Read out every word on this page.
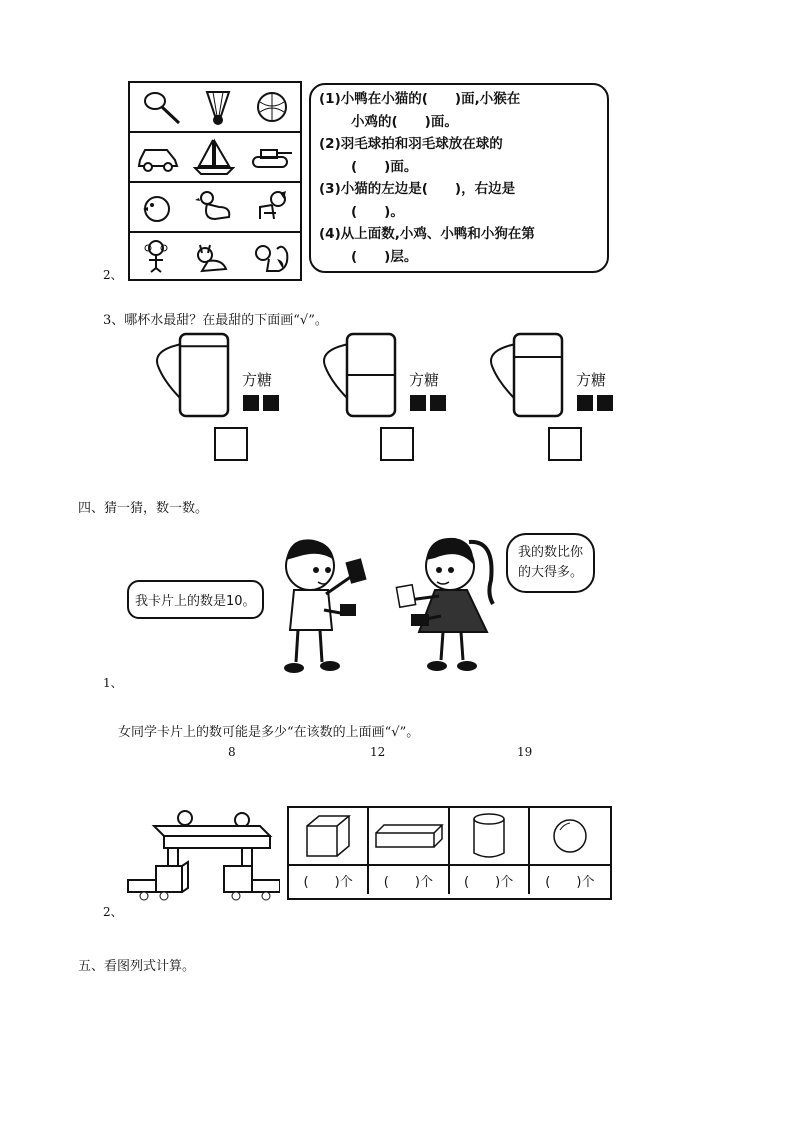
2、
(1)小鸭在小猫的(　　)面,小猴在
小鸡的(　　)面。
(2)羽毛球拍和羽毛球放在球的
(　　)面。
(3)小猫的左边是(　　)，右边是
(　　)。
(4)从上面数,小鸡、小鸭和小狗在第
(　　)层。
3、哪杯水最甜？在最甜的下面画“√”。
方糖	方糖	方糖
四、猜一猜，数一数。
我卡片上的数是10。
我的数比你
的大得多。
1、
女同学卡片上的数可能是多少“在该数的上面画“√”。
8	12	19
2、
(　　)个	(　　)个	(　　)个	(　　)个
五、看图列式计算。
